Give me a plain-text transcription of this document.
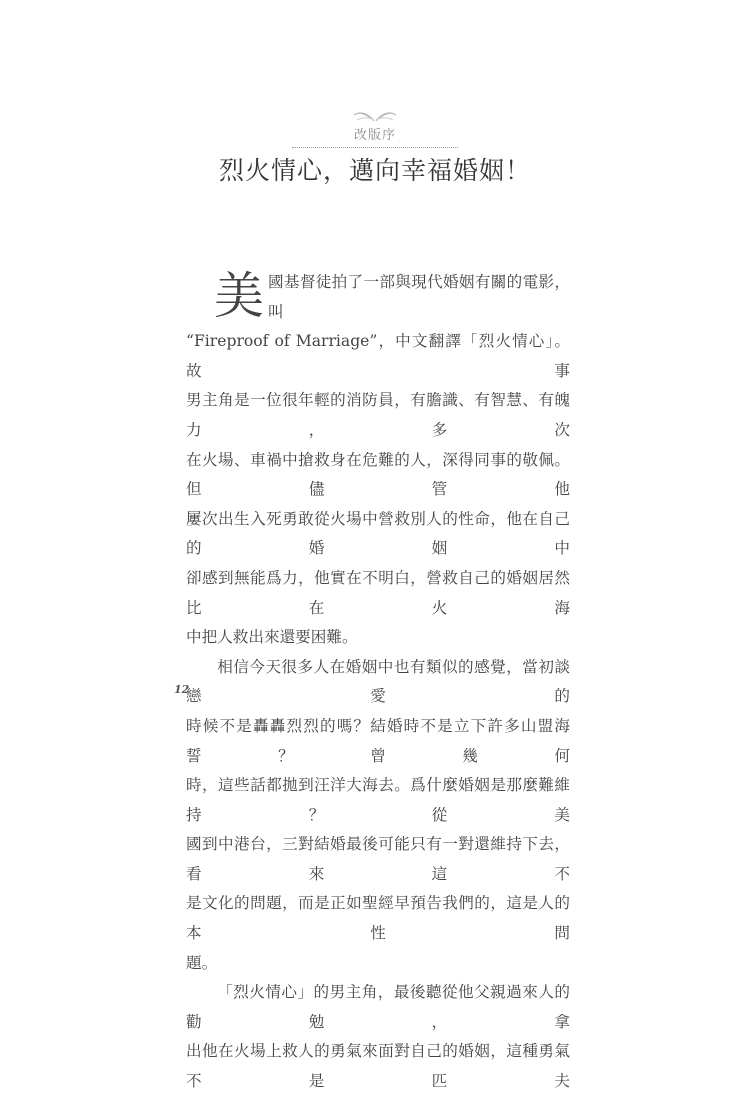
改版序
烈火情心，邁向幸福婚姻！
美 國基督徒拍了一部與現代婚姻有關的電影，叫

“Fireproof of Marriage”，中文翻譯「烈火情心」。故事

男主角是一位很年輕的消防員，有膽識、有智慧、有魄力，多次

在火場、車禍中搶救身在危難的人，深得同事的敬佩。但儘管他

屢次出生入死勇敢從火場中營救別人的性命，他在自己的婚姻中

卻感到無能爲力，他實在不明白，營救自己的婚姻居然比在火海

中把人救出來還要困難。

相信今天很多人在婚姻中也有類似的感覺，當初談戀愛的

時候不是轟轟烈烈的嗎？結婚時不是立下許多山盟海誓？曾幾何

時，這些話都拋到汪洋大海去。爲什麼婚姻是那麼難維持？從美

國到中港台，三對結婚最後可能只有一對還維持下去，看來這不

是文化的問題，而是正如聖經早預告我們的，這是人的本性問

題。

「烈火情心」的男主角，最後聽從他父親過來人的勸勉，拿

出他在火場上救人的勇氣來面對自己的婚姻，這種勇氣不是匹夫

12
